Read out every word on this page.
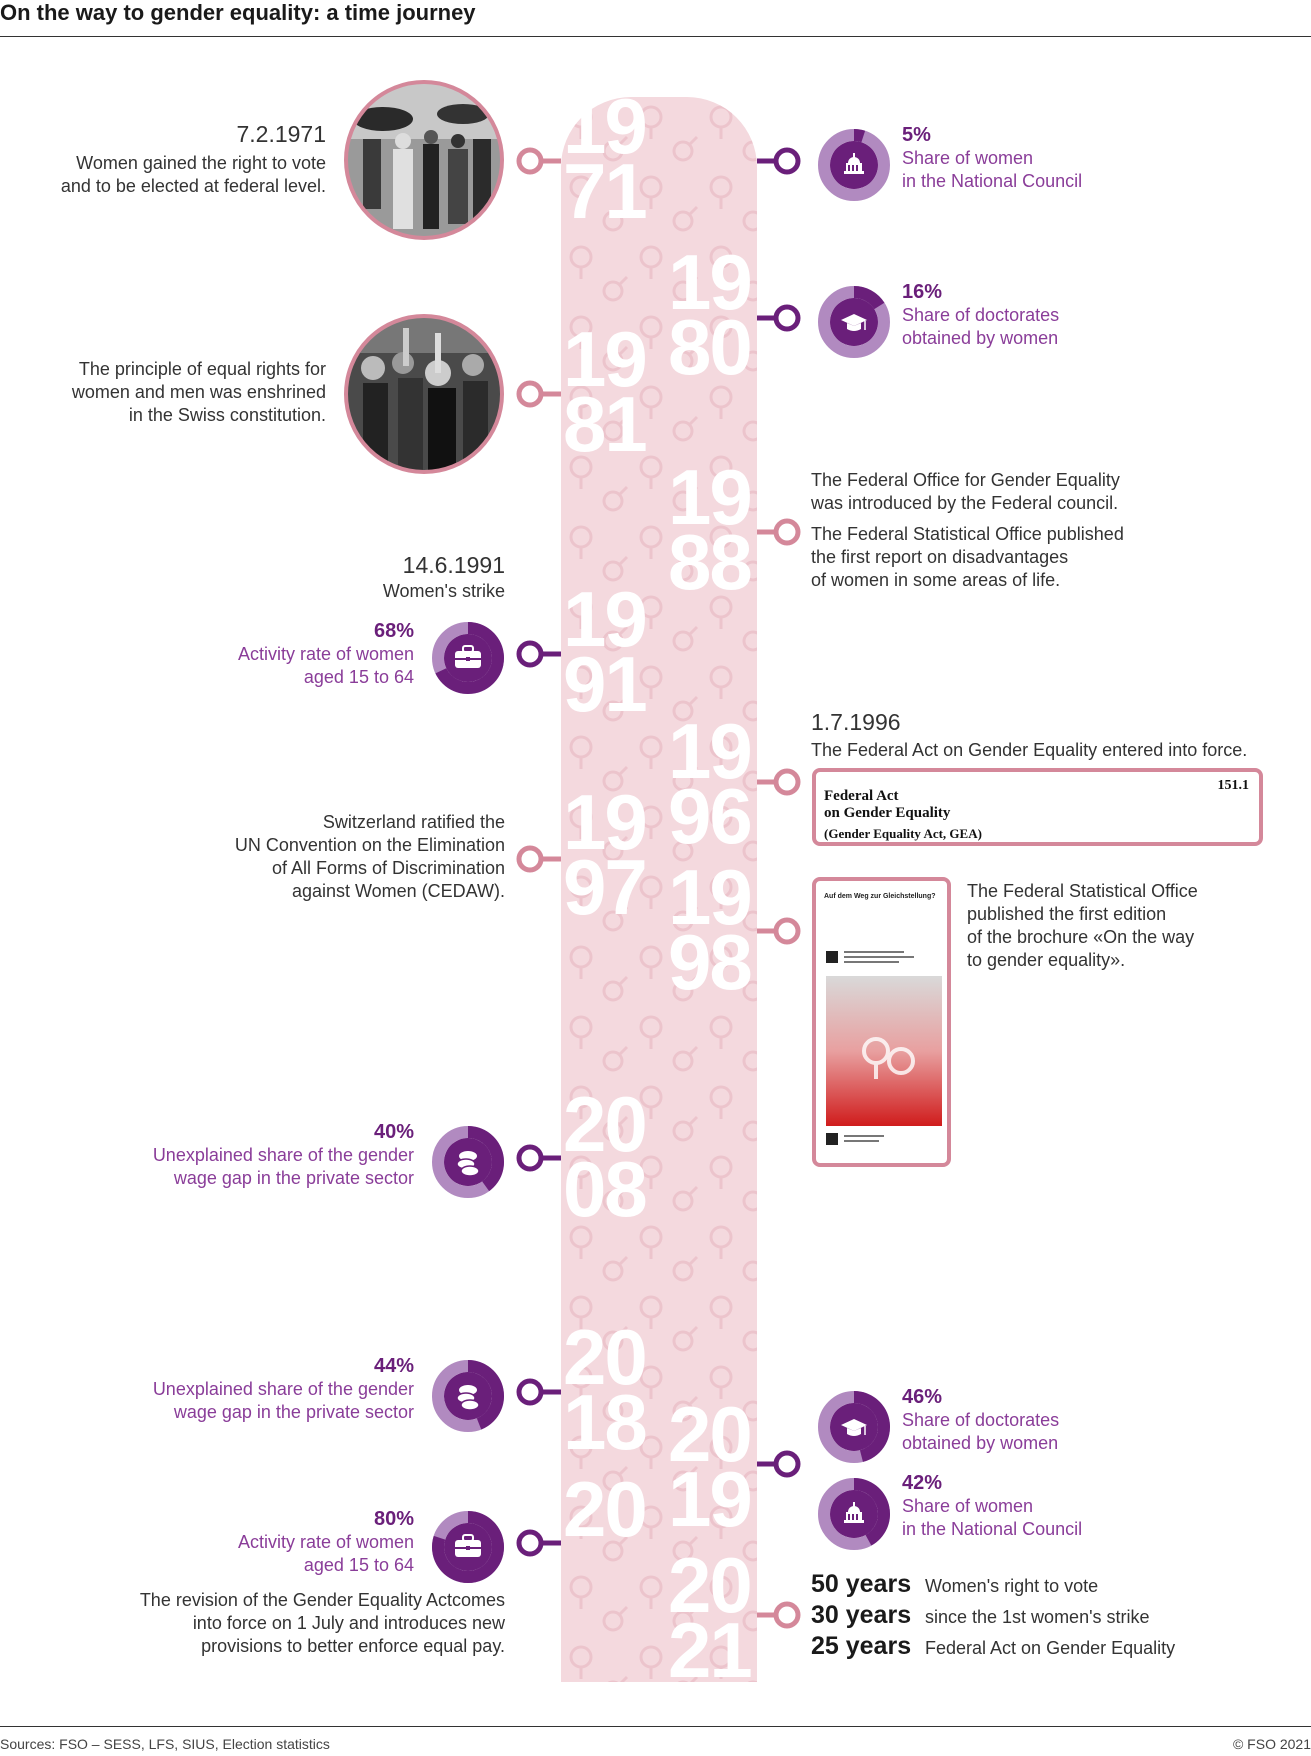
On the way to gender equality: a time journey
19
71
19
80
19
81
19
88
19
91
19
96
19
97 19
98
20
08
20
18 20
19
20
20
21
7.2.1971
Women gained the right to vote
and to be elected at federal level.
The principle of equal rights for
women and men was enshrined
in the Swiss constitution.
14.6.1991
Women's strike
Switzerland ratified the
UN Convention on the Elimination
of All Forms of Discrimination
against Women (CEDAW).
The revision of the Gender Equality Actcomes
into force on 1 July and introduces new
provisions to better enforce equal pay.
The Federal Office for Gender Equality
was introduced by the Federal council.
The Federal Statistical Office published
the first report on disadvantages
of women in some areas of life.
1.7.1996
The Federal Act on Gender Equality entered into force.
Federal Act
on Gender Equality
(Gender Equality Act, GEA)
151.1
Auf dem Weg zur Gleichstellung? The Federal Statistical Office
published the first edition
of the brochure «On the way
to gender equality».
5%
Share of women
in the National Council
16%
Share of doctorates
obtained by women
46%
Share of doctorates
obtained by women
42%
Share of women
in the National Council
68%
Activity rate of women
aged 15 to 64
40%
Unexplained share of the gender
wage gap in the private sector
44%
Unexplained share of the gender
wage gap in the private sector
80%
Activity rate of women
aged 15 to 64
50 years Women's right to vote
30 years since the 1st women's strike
25 years Federal Act on Gender Equality
Sources: FSO – SESS, LFS, SIUS, Election statistics	© FSO 2021
